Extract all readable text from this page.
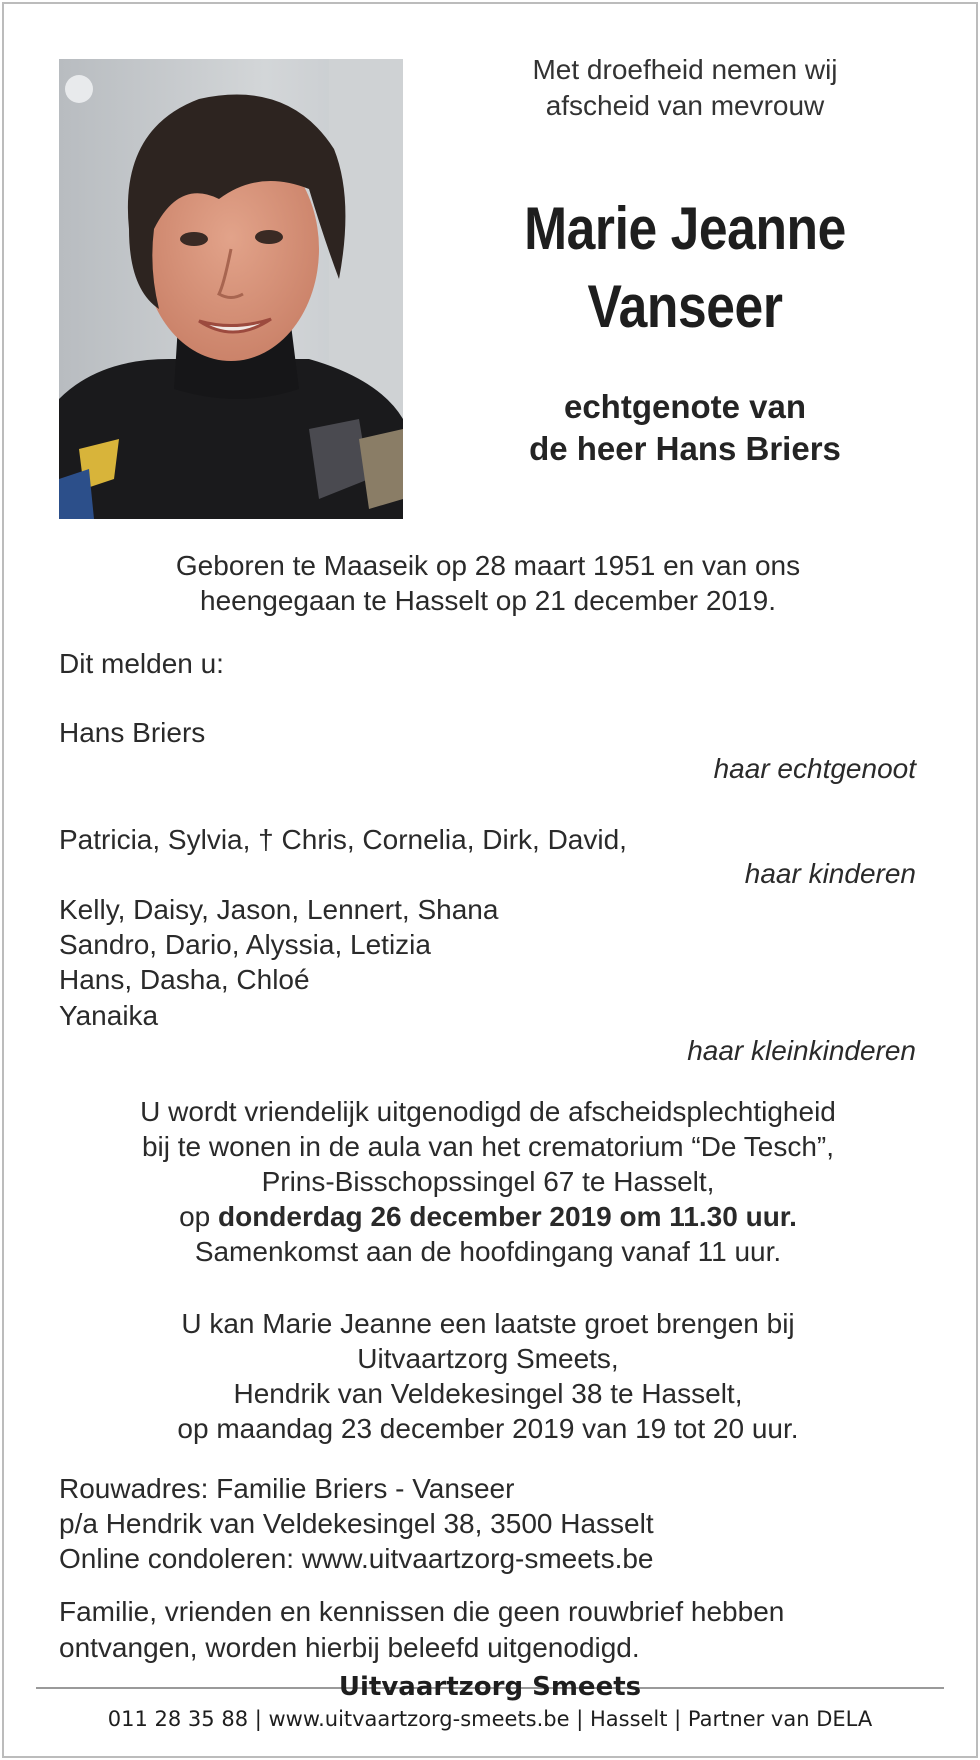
Met droefheid nemen wij
afscheid van mevrouw
Marie Jeanne
Vanseer
echtgenote van
de heer Hans Briers
Geboren te Maaseik op 28 maart 1951 en van ons
heengegaan te Hasselt op 21 december 2019.
Dit melden u:
Hans Briers
haar echtgenoot
Patricia, Sylvia, † Chris, Cornelia, Dirk, David,
haar kinderen
Kelly, Daisy, Jason, Lennert, Shana
Sandro, Dario, Alyssia, Letizia
Hans, Dasha, Chloé
Yanaika
haar kleinkinderen
U wordt vriendelijk uitgenodigd de afscheidsplechtigheid
bij te wonen in de aula van het crematorium “De Tesch”,
Prins-Bisschopssingel 67 te Hasselt,
op donderdag 26 december 2019 om 11.30 uur.
Samenkomst aan de hoofdingang vanaf 11 uur.
U kan Marie Jeanne een laatste groet brengen bij
Uitvaartzorg Smeets,
Hendrik van Veldekesingel 38 te Hasselt,
op maandag 23 december 2019 van 19 tot 20 uur.
Rouwadres: Familie Briers - Vanseer
p/a Hendrik van Veldekesingel 38, 3500 Hasselt
Online condoleren: www.uitvaartzorg-smeets.be
Familie, vrienden en kennissen die geen rouwbrief hebben
ontvangen, worden hierbij beleefd uitgenodigd.
Uitvaartzorg Smeets
011 28 35 88 | www.uitvaartzorg-smeets.be | Hasselt | Partner van DELA
